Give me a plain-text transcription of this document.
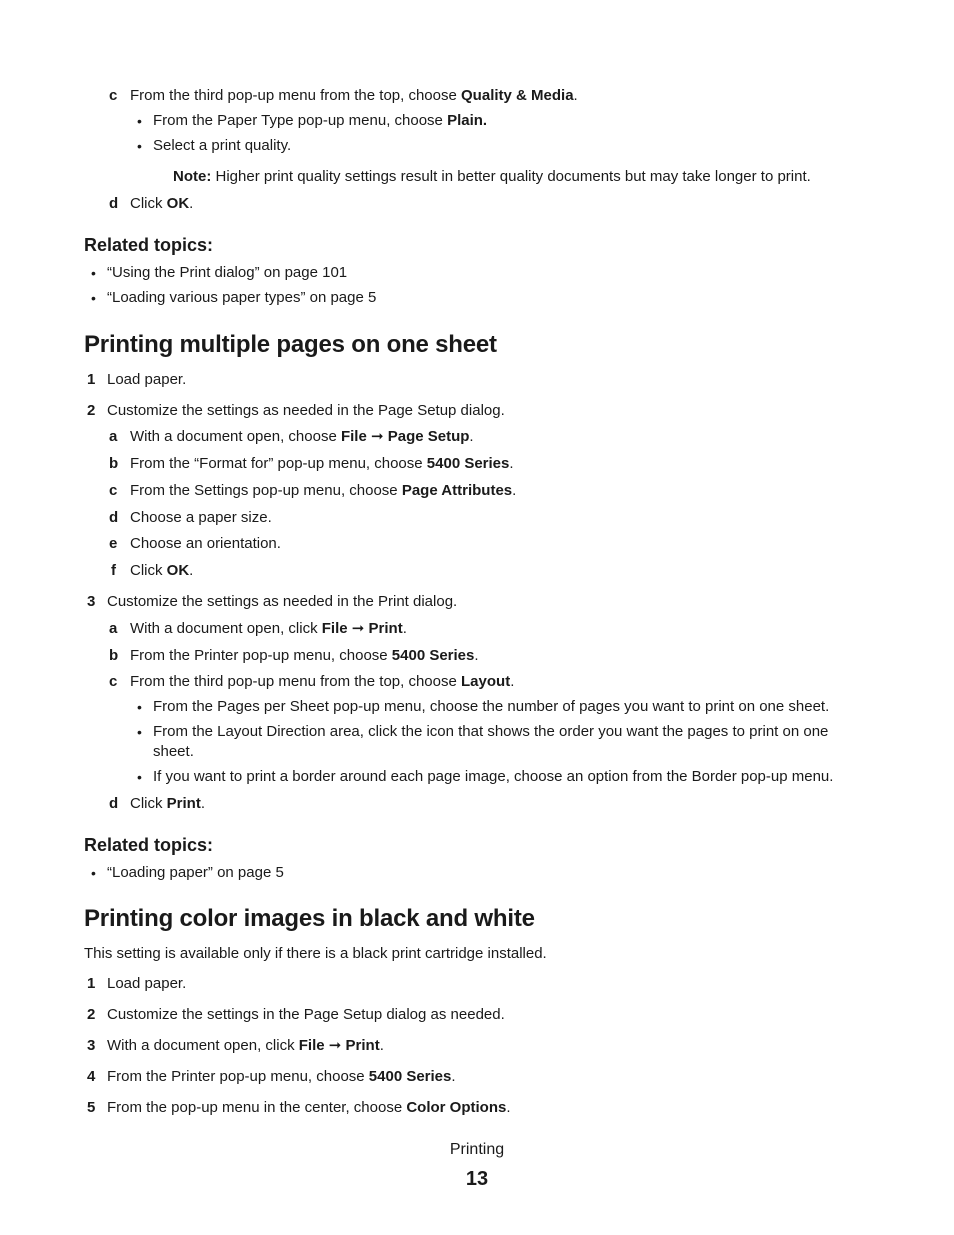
c From the third pop-up menu from the top, choose Quality & Media.
• From the Paper Type pop-up menu, choose Plain.
• Select a print quality.
Note: Higher print quality settings result in better quality documents but may take longer to print.
d Click OK.
Related topics:
• “Using the Print dialog” on page 101
• “Loading various paper types” on page 5
Printing multiple pages on one sheet
1 Load paper.
2 Customize the settings as needed in the Page Setup dialog.
a With a document open, choose File ➞ Page Setup.
b From the “Format for” pop-up menu, choose 5400 Series.
c From the Settings pop-up menu, choose Page Attributes.
d Choose a paper size.
e Choose an orientation.
f Click OK.
3 Customize the settings as needed in the Print dialog.
a With a document open, click File ➞ Print.
b From the Printer pop-up menu, choose 5400 Series.
c From the third pop-up menu from the top, choose Layout.
• From the Pages per Sheet pop-up menu, choose the number of pages you want to print on one sheet.
• From the Layout Direction area, click the icon that shows the order you want the pages to print on one
sheet.
• If you want to print a border around each page image, choose an option from the Border pop-up menu.
d Click Print.
Related topics:
• “Loading paper” on page 5
Printing color images in black and white
This setting is available only if there is a black print cartridge installed.
1 Load paper.
2 Customize the settings in the Page Setup dialog as needed.
3 With a document open, click File ➞ Print.
4 From the Printer pop-up menu, choose 5400 Series.
5 From the pop-up menu in the center, choose Color Options.
Printing
13
